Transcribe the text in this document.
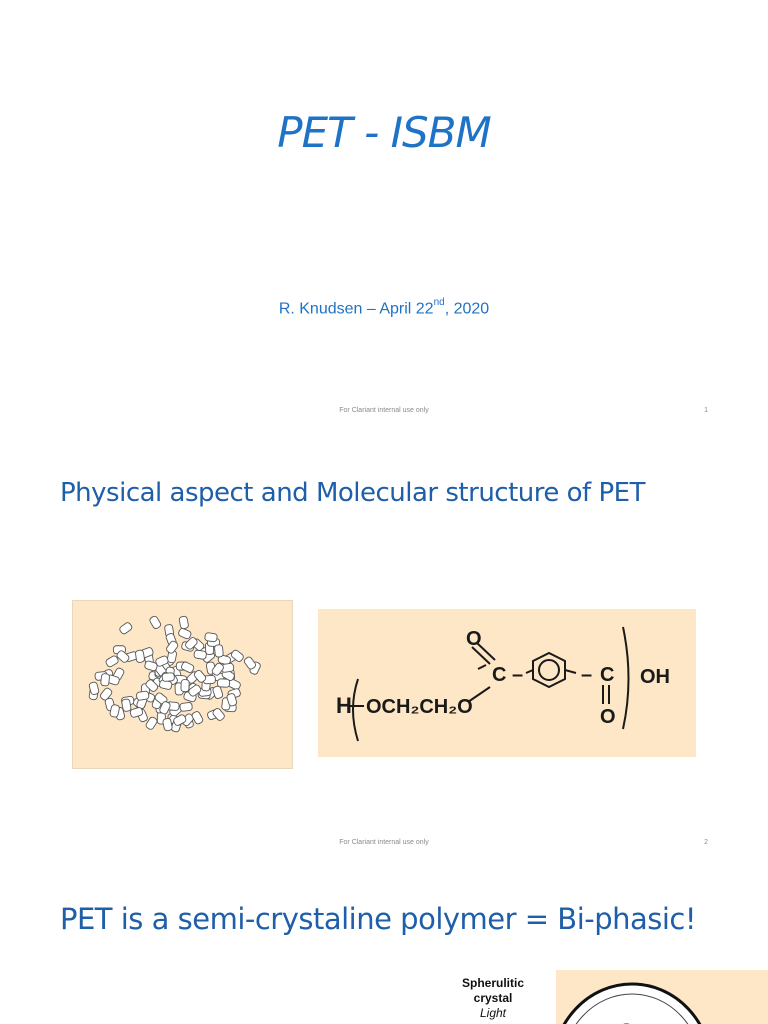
PET - ISBM
R. Knudsen – April 22nd, 2020
For Clariant internal use only	1
Physical aspect and Molecular structure of PET
H OCH₂CH₂O
O
C –	– C
O
OH
For Clariant internal use only	2
PET is a semi-crystaline polymer = Bi-phasic!
Spherulitic
crystal
Light
